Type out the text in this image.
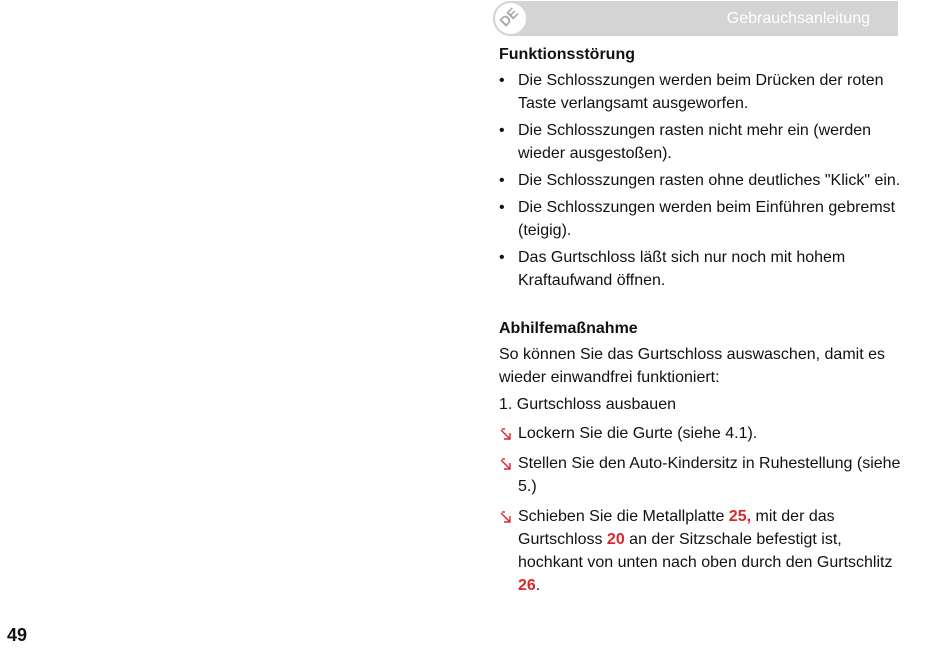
DE	Gebrauchsanleitung
Funktionsstörung
• Die Schlosszungen werden beim Drücken der roten Taste verlangsamt ausgeworfen.
• Die Schlosszungen rasten nicht mehr ein (werden wieder ausgestoßen).
• Die Schlosszungen rasten ohne deutliches "Klick" ein.
• Die Schlosszungen werden beim Einführen gebremst (teigig).
• Das Gurtschloss läßt sich nur noch mit hohem Kraftaufwand öffnen.
Abhilfemaßnahme

So können Sie das Gurtschloss auswaschen, damit es wieder einwandfrei funktioniert:

1. Gurtschloss ausbauen

Lockern Sie die Gurte (siehe 4.1).
Stellen Sie den Auto-Kindersitz in Ruhestellung (siehe 5.)
Schieben Sie die Metallplatte 25, mit der das Gurtschloss 20 an der Sitzschale befestigt ist, hochkant von unten nach oben durch den Gurtschlitz 26.
49
